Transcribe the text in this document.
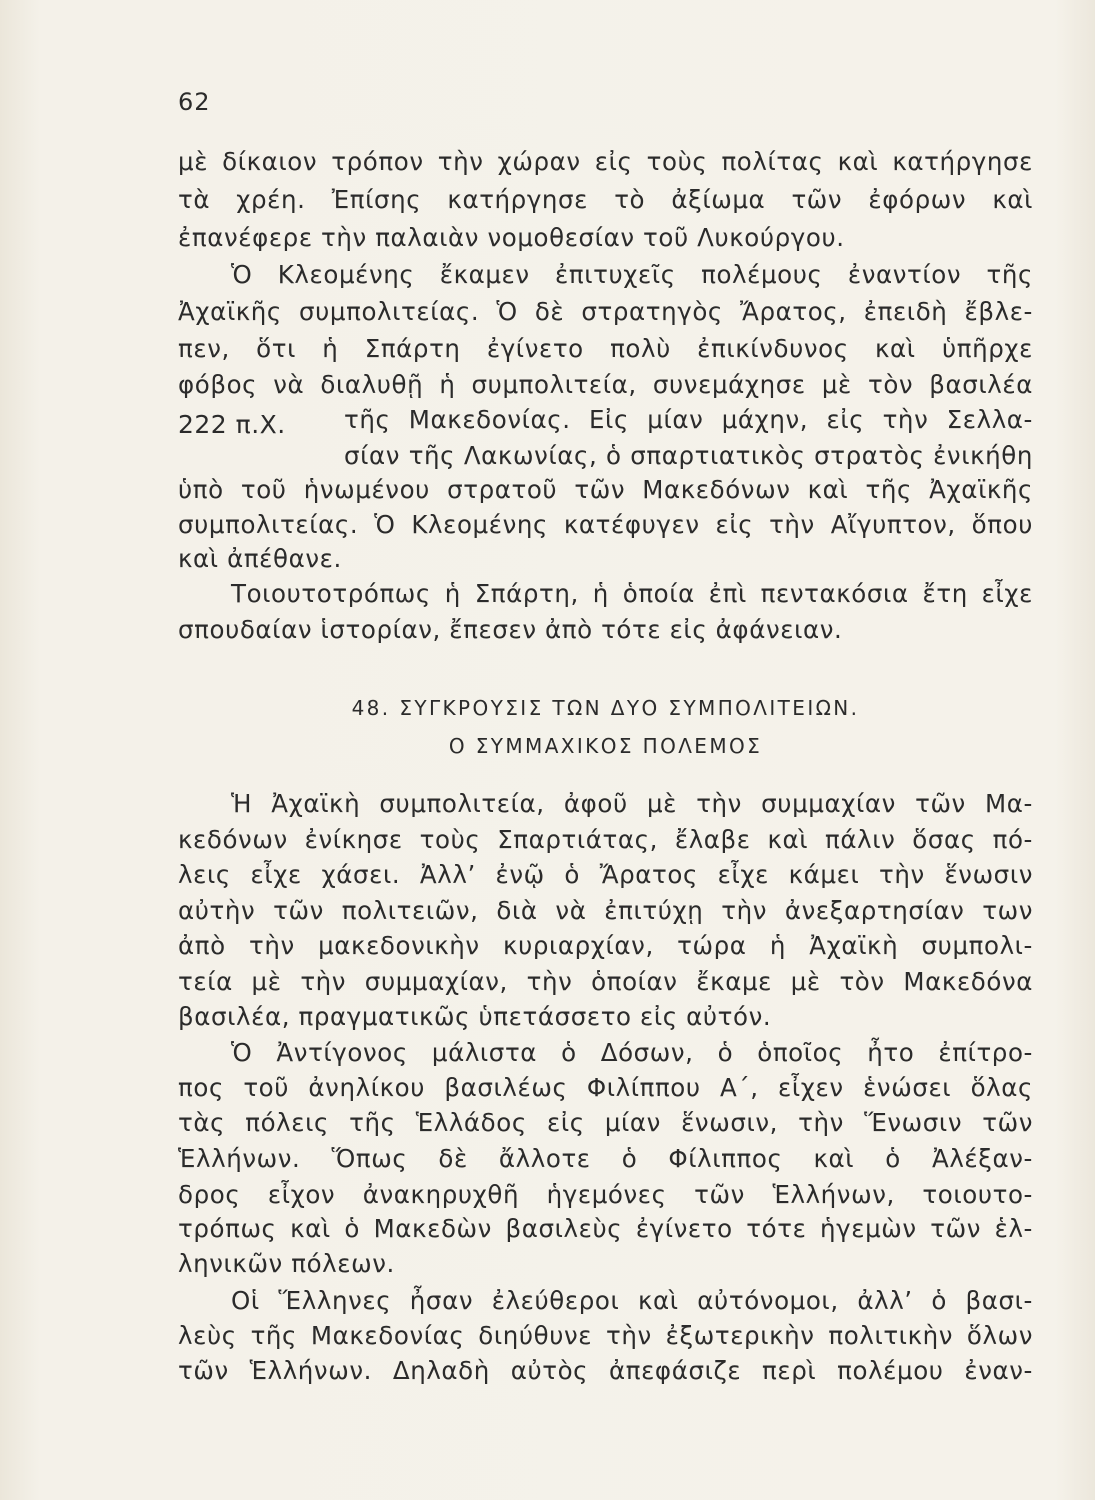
62
μὲ δίκαιον τρόπον τὴν χώραν εἰς τοὺς πολίτας καὶ κατήργησε
τὰ χρέη. Ἐπίσης κατήργησε τὸ ἀξίωμα τῶν ἐφόρων καὶ
ἐπανέφερε τὴν παλαιὰν νομοθεσίαν τοῦ Λυκούργου.
Ὁ Κλεομένης ἔκαμεν ἐπιτυχεῖς πολέμους ἐναντίον τῆς
Ἀχαϊκῆς συμπολιτείας. Ὁ δὲ στρατηγὸς Ἄρατος, ἐπειδὴ ἔβλε-
πεν, ὅτι ἡ Σπάρτη ἐγίνετο πολὺ ἐπικίνδυνος καὶ ὑπῆρχε
φόβος νὰ διαλυθῇ ἡ συμπολιτεία, συνεμάχησε μὲ τὸν βασιλέα
222 π.Χ. τῆς Μακεδονίας. Εἰς μίαν μάχην, εἰς τὴν Σελλα-
σίαν τῆς Λακωνίας, ὁ σπαρτιατικὸς στρατὸς ἐνικήθη
ὑπὸ τοῦ ἡνωμένου στρατοῦ τῶν Μακεδόνων καὶ τῆς Ἀχαϊκῆς
συμπολιτείας. Ὁ Κλεομένης κατέφυγεν εἰς τὴν Αἴγυπτον, ὅπου
καὶ ἀπέθανε.
Τοιουτοτρόπως ἡ Σπάρτη, ἡ ὁποία ἐπὶ πεντακόσια ἔτη εἶχε
σπουδαίαν ἱστορίαν, ἔπεσεν ἀπὸ τότε εἰς ἀφάνειαν.
48. ΣΥΓΚΡΟΥΣΙΣ ΤΩΝ ΔΥΟ ΣΥΜΠΟΛΙΤΕΙΩΝ.
Ο ΣΥΜΜΑΧΙΚΟΣ ΠΟΛΕΜΟΣ
Ἡ Ἀχαϊκὴ συμπολιτεία, ἀφοῦ μὲ τὴν συμμαχίαν τῶν Μα-
κεδόνων ἐνίκησε τοὺς Σπαρτιάτας, ἔλαβε καὶ πάλιν ὅσας πό-
λεις εἶχε χάσει. Ἀλλ’ ἐνῷ ὁ Ἄρατος εἶχε κάμει τὴν ἕνωσιν
αὐτὴν τῶν πολιτειῶν, διὰ νὰ ἐπιτύχῃ τὴν ἀνεξαρτησίαν των
ἀπὸ τὴν μακεδονικὴν κυριαρχίαν, τώρα ἡ Ἀχαϊκὴ συμπολι-
τεία μὲ τὴν συμμαχίαν, τὴν ὁποίαν ἔκαμε μὲ τὸν Μακεδόνα
βασιλέα, πραγματικῶς ὑπετάσσετο εἰς αὐτόν.
Ὁ Ἀντίγονος μάλιστα ὁ Δόσων, ὁ ὁποῖος ἦτο ἐπίτρο-
πος τοῦ ἀνηλίκου βασιλέως Φιλίππου Α΄, εἶχεν ἑνώσει ὅλας
τὰς πόλεις τῆς Ἑλλάδος εἰς μίαν ἕνωσιν, τὴν Ἕνωσιν τῶν
Ἑλλήνων. Ὅπως δὲ ἄλλοτε ὁ Φίλιππος καὶ ὁ Ἀλέξαν-
δρος εἶχον ἀνακηρυχθῆ ἡγεμόνες τῶν Ἑλλήνων, τοιουτο-
τρόπως καὶ ὁ Μακεδὼν βασιλεὺς ἐγίνετο τότε ἡγεμὼν τῶν ἑλ-
ληνικῶν πόλεων.
Οἱ Ἕλληνες ἦσαν ἐλεύθεροι καὶ αὐτόνομοι, ἀλλ’ ὁ βασι-
λεὺς τῆς Μακεδονίας διηύθυνε τὴν ἐξωτερικὴν πολιτικὴν ὅλων
τῶν Ἑλλήνων. Δηλαδὴ αὐτὸς ἀπεφάσιζε περὶ πολέμου ἐναν-
